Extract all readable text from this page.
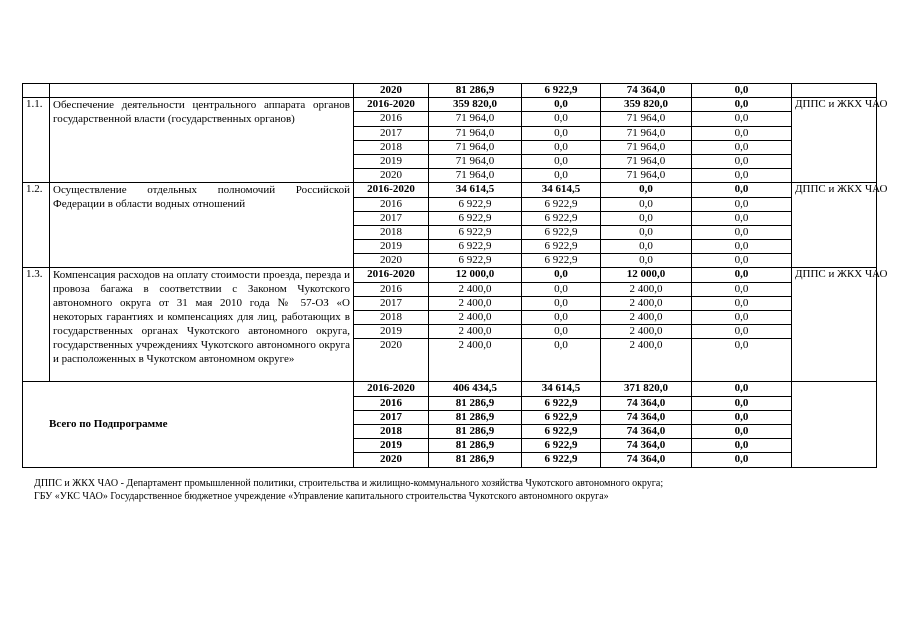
		2020	81 286,9	6 922,9	74 364,0	0,0	
1.1.	Обеспечение деятельности центрального аппарата органов государственной власти (государственных органов)	2016-2020	359 820,0	0,0	359 820,0	0,0	ДППС и ЖКХ ЧАО
		2016	71 964,0	0,0	71 964,0	0,0	
		2017	71 964,0	0,0	71 964,0	0,0	
		2018	71 964,0	0,0	71 964,0	0,0	
		2019	71 964,0	0,0	71 964,0	0,0	
		2020	71 964,0	0,0	71 964,0	0,0	
1.2.	Осуществление отдельных полномочий Российской Федерации в области водных отношений	2016-2020	34 614,5	34 614,5	0,0	0,0	ДППС и ЖКХ ЧАО
		2016	6 922,9	6 922,9	0,0	0,0	
		2017	6 922,9	6 922,9	0,0	0,0	
		2018	6 922,9	6 922,9	0,0	0,0	
		2019	6 922,9	6 922,9	0,0	0,0	
		2020	6 922,9	6 922,9	0,0	0,0	
1.3.	Компенсация расходов на оплату стоимости проезда, перезда и провоза багажа в соответствии с Законом Чукотского автономного округа от 31 мая 2010 года № 57-ОЗ «О некоторых гарантиях и компенсациях для лиц, работающих в государственных органах Чукотского автономного округа, государственных учреждениях Чукотского автономного округа и расположенных в Чукотском автономном округе»	2016-2020	12 000,0	0,0	12 000,0	0,0	ДППС и ЖКХ ЧАО
		2016	2 400,0	0,0	2 400,0	0,0	
		2017	2 400,0	0,0	2 400,0	0,0	
		2018	2 400,0	0,0	2 400,0	0,0	
		2019	2 400,0	0,0	2 400,0	0,0	
		2020	2 400,0	0,0	2 400,0	0,0	
Всего по Подпрограмме		2016-2020	406 434,5	34 614,5	371 820,0	0,0	
		2016	81 286,9	6 922,9	74 364,0	0,0	
		2017	81 286,9	6 922,9	74 364,0	0,0	
		2018	81 286,9	6 922,9	74 364,0	0,0	
		2019	81 286,9	6 922,9	74 364,0	0,0	
		2020	81 286,9	6 922,9	74 364,0	0,0	
ДППС и ЖКХ ЧАО - Департамент промышленной политики, строительства и жилищно-коммунального хозяйства Чукотского автономного округа;
ГБУ «УКС ЧАО» Государственное бюджетное учреждение «Управление капитального строительства Чукотского автономного округа»
